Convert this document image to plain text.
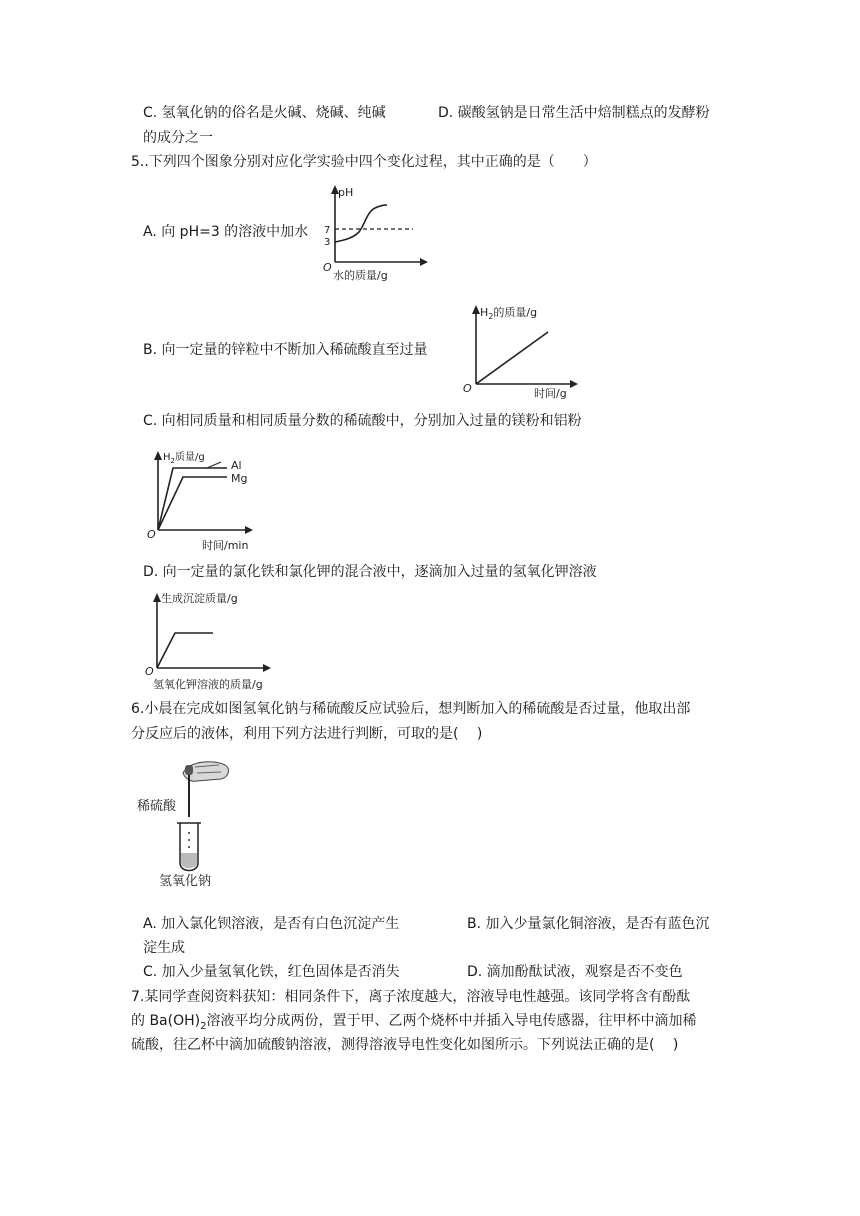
C. 氢氧化钠的俗名是火碱、烧碱、纯碱	D. 碳酸氢钠是日常生活中焙制糕点的发酵粉
的成分之一
5..下列四个图象分别对应化学实验中四个变化过程，其中正确的是（　　）
A. 向 pH=3 的溶液中加水
pH
7
3
O
水的质量/g
B. 向一定量的锌粒中不断加入稀硫酸直至过量
$H_2$的质量/g
O	时间/g
C. 向相同质量和相同质量分数的稀硫酸中，分别加入过量的镁粉和铝粉
$H_2$质量/g
O
Al
Mg
时间/min
D. 向一定量的氯化铁和氯化钾的混合液中，逐滴加入过量的氢氧化钾溶液
生成沉淀质量/g
O
氢氧化钾溶液的质量/g
6.小晨在完成如图氢氧化钠与稀硫酸反应试验后，想判断加入的稀硫酸是否过量，他取出部
分反应后的液体，利用下列方法进行判断，可取的是(　 )
稀硫酸
氢氧化钠
A. 加入氯化钡溶液，是否有白色沉淀产生	B. 加入少量氯化铜溶液，是否有蓝色沉
淀生成
C. 加入少量氢氧化铁，红色固体是否消失	D. 滴加酚酞试液，观察是否不变色
7.某同学查阅资料获知：相同条件下，离子浓度越大，溶液导电性越强。该同学将含有酚酞
的 $Ba(OH)_2$溶液平均分成两份，置于甲、乙两个烧杯中并插入导电传感器，往甲杯中滴加稀
硫酸，往乙杯中滴加硫酸钠溶液，测得溶液导电性变化如图所示。下列说法正确的是(　 )
